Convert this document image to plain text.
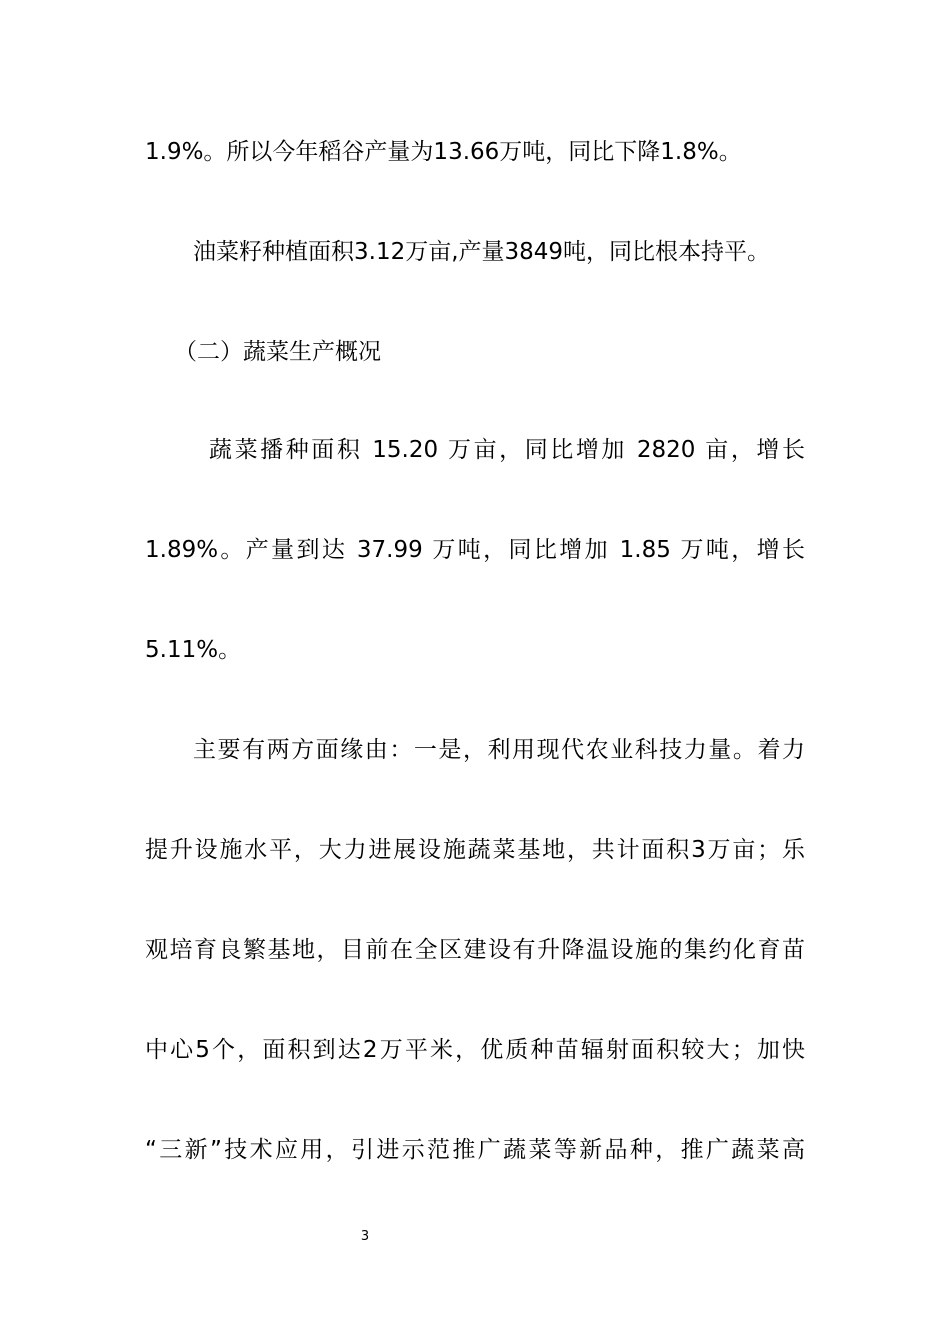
1.9%。所以今年稻谷产量为13.66万吨，同比下降1.8%。
油菜籽种植面积3.12万亩,产量3849吨，同比根本持平。
（二）蔬菜生产概况
蔬菜播种面积 15.20 万亩，同比增加 2820 亩，增长
1.89%。产量到达 37.99 万吨，同比增加 1.85 万吨，增长
5.11%。
主要有两方面缘由：一是，利用现代农业科技力量。着力
提升设施水平，大力进展设施蔬菜基地，共计面积3万亩；乐
观培育良繁基地，目前在全区建设有升降温设施的集约化育苗
中心5个，面积到达2万平米，优质种苗辐射面积较大；加快
“三新”技术应用，引进示范推广蔬菜等新品种，推广蔬菜高
3
